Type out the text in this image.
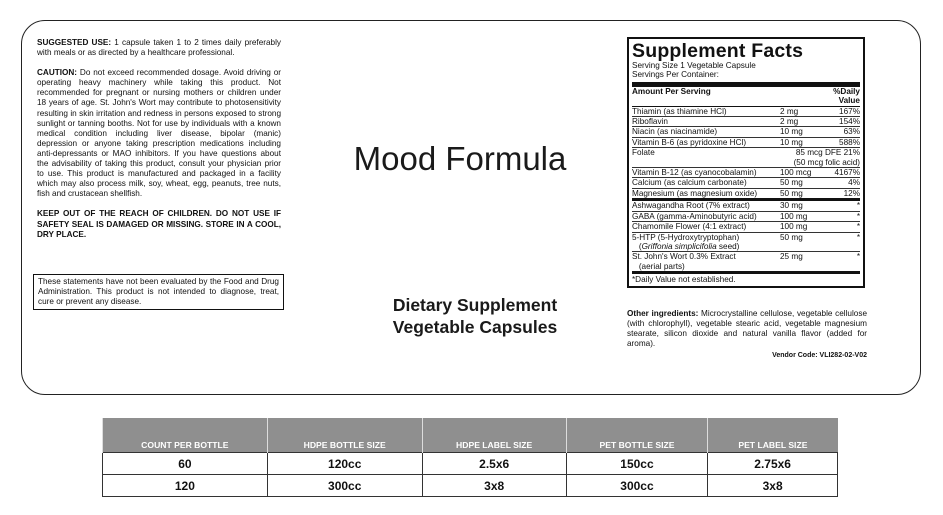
SUGGESTED USE: 1 capsule taken 1 to 2 times daily preferably with meals or as directed by a healthcare professional.

CAUTION: Do not exceed recommended dosage. Avoid driving or operating heavy machinery while taking this product. Not recommended for pregnant or nursing mothers or children under 18 years of age. St. John's Wort may contribute to photosensitivity resulting in skin irritation and redness in persons exposed to strong sunlight or tanning booths. Not for use by individuals with a known medical condition including liver disease, bipolar (manic) depression or anyone taking prescription medications including anti-depressants or MAO inhibitors. If you have questions about the advisability of taking this product, consult your physician prior to use. This product is manufactured and packaged in a facility which may also process milk, soy, wheat, egg, peanuts, tree nuts, fish and crustacean shellfish.

KEEP OUT OF THE REACH OF CHILDREN. DO NOT USE IF SAFETY SEAL IS DAMAGED OR MISSING. STORE IN A COOL, DRY PLACE.

These statements have not been evaluated by the Food and Drug Administration. This product is not intended to diagnose, treat, cure or prevent any disease.
Mood Formula
Dietary Supplement
Vegetable Capsules
Supplement Facts
Serving Size 1 Vegetable Capsule
Servings Per Container:
Amount Per Serving		%Daily Value
Thiamin (as thiamine HCl)	2 mg	167%
Riboflavin	2 mg	154%
Niacin (as niacinamide)	10 mg	63%
Vitamin B-6 (as pyridoxine HCl)	10 mg	588%
Folate	85 mcg DFE 21%
(50 mcg folic acid)	
Vitamin B-12 (as cyanocobalamin)	100 mcg	4167%
Calcium (as calcium carbonate)	50 mg	4%
Magnesium (as magnesium oxide)	50 mg	12%
Ashwagandha Root (7% extract)	30 mg	*
GABA (gamma-Aminobutyric acid)	100 mg	*
Chamomile Flower (4:1 extract)	100 mg	*
5-HTP (5-Hydroxytryptophan)
(Griffonia simplicifolia seed)	50 mg	*
St. John's Wort 0.3% Extract
(aerial parts)	25 mg	*
*Daily Value not established.
Other ingredients: Microcrystalline cellulose, vegetable cellulose (with chlorophyll), vegetable stearic acid, vegetable magnesium stearate, silicon dioxide and natural vanilla flavor (added for aroma).
Vendor Code: VLI282-02-V02
COUNT PER BOTTLE	HDPE BOTTLE SIZE	HDPE LABEL SIZE	PET BOTTLE SIZE	PET LABEL SIZE
60	120cc	2.5x6	150cc	2.75x6
120	300cc	3x8	300cc	3x8
